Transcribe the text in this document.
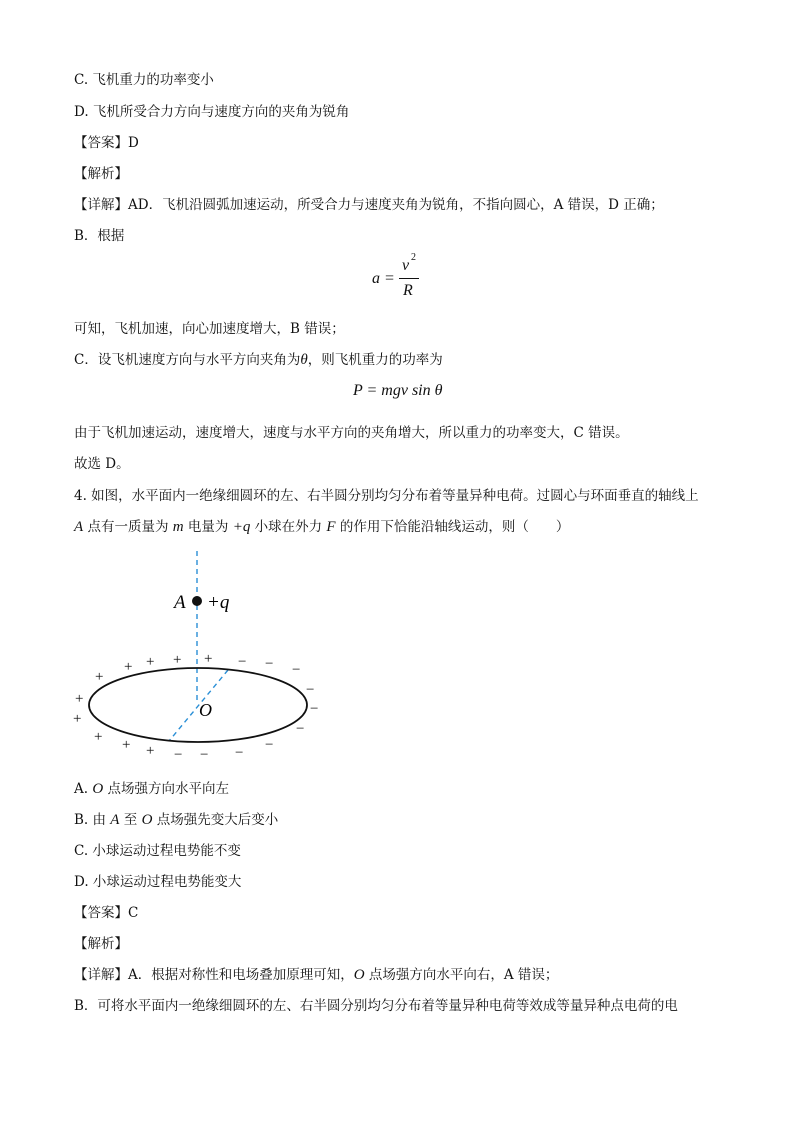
C. 飞机重力的功率变小
D. 飞机所受合力方向与速度方向的夹角为锐角
【答案】D
【解析】
【详解】AD．飞机沿圆弧加速运动，所受合力与速度夹角为锐角，不指向圆心，A 错误，D 正确；
B．根据
a =
v 2
R
可知，飞机加速，向心加速度增大，B 错误；
C．设飞机速度方向与水平方向夹角为θ，则飞机重力的功率为
P = mgv sin θ
由于飞机加速运动，速度增大，速度与水平方向的夹角增大，所以重力的功率变大，C 错误。
故选 D。
4. 如图，水平面内一绝缘细圆环的左、右半圆分别均匀分布着等量异种电荷。过圆心与环面垂直的轴线上
A 点有一质量为 m 电量为 +q 小球在外力 F 的作用下恰能沿轴线运动，则（　　）
A +q
O
+ + + +
+
+
+
+ + +
− − −
−
−
−
−
−
−
−
A. O 点场强方向水平向左
B. 由 A 至 O 点场强先变大后变小
C. 小球运动过程电势能不变
D. 小球运动过程电势能变大
【答案】C
【解析】
【详解】A．根据对称性和电场叠加原理可知，O 点场强方向水平向右，A 错误；
B．可将水平面内一绝缘细圆环的左、右半圆分别均匀分布着等量异种电荷等效成等量异种点电荷的电
